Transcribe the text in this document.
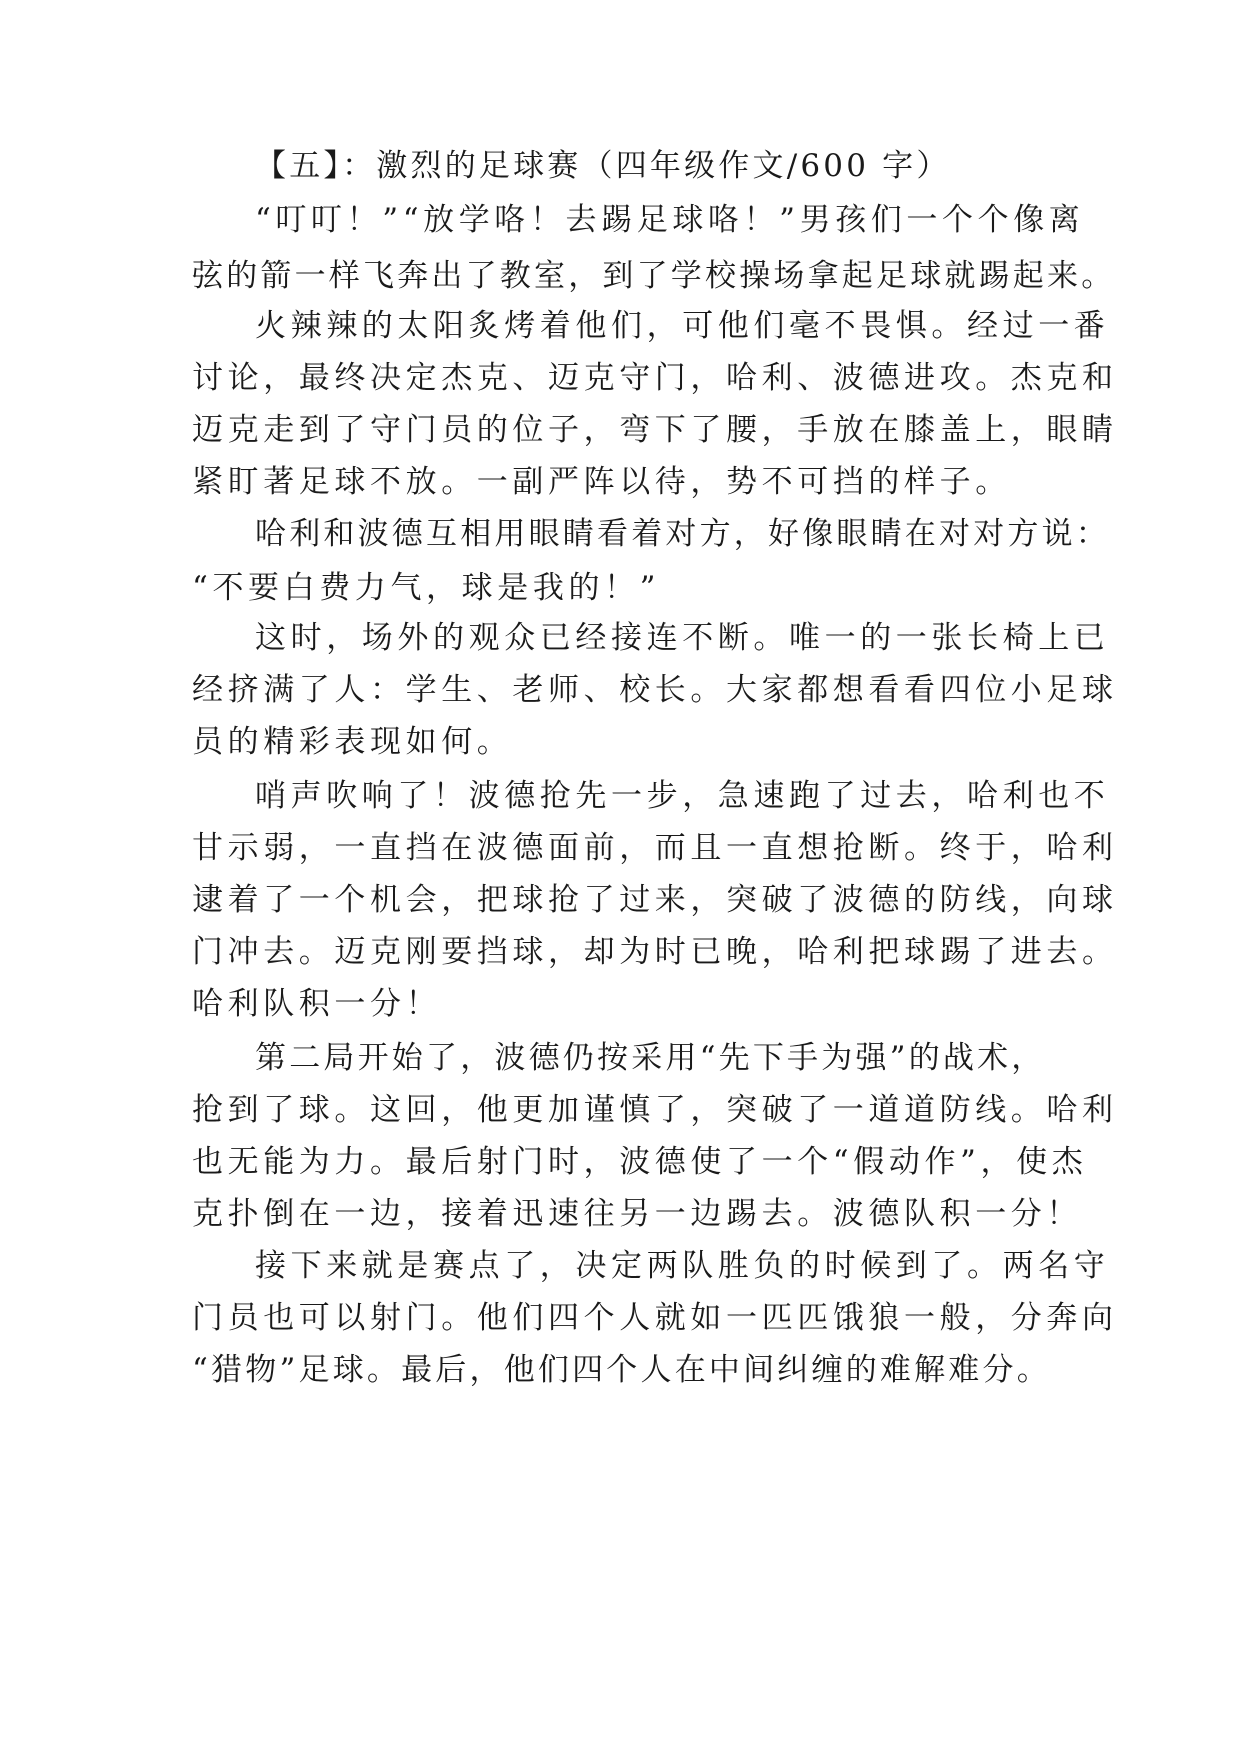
【五】：激烈的足球赛（四年级作文/600 字）
“叮叮！”“放学咯！去踢足球咯！”男孩们一个个像离
弦的箭一样飞奔出了教室，到了学校操场拿起足球就踢起来。
火辣辣的太阳炙烤着他们，可他们毫不畏惧。经过一番
讨论，最终决定杰克、迈克守门，哈利、波德进攻。杰克和
迈克走到了守门员的位子，弯下了腰，手放在膝盖上，眼睛
紧盯著足球不放。一副严阵以待，势不可挡的样子。
哈利和波德互相用眼睛看着对方，好像眼睛在对对方说：
“不要白费力气，球是我的！”
这时，场外的观众已经接连不断。唯一的一张长椅上已
经挤满了人：学生、老师、校长。大家都想看看四位小足球
员的精彩表现如何。
哨声吹响了！波德抢先一步，急速跑了过去，哈利也不
甘示弱，一直挡在波德面前，而且一直想抢断。终于，哈利
逮着了一个机会，把球抢了过来，突破了波德的防线，向球
门冲去。迈克刚要挡球，却为时已晚，哈利把球踢了进去。
哈利队积一分！
第二局开始了，波德仍按采用“先下手为强”的战术，
抢到了球。这回，他更加谨慎了，突破了一道道防线。哈利
也无能为力。最后射门时，波德使了一个“假动作”，使杰
克扑倒在一边，接着迅速往另一边踢去。波德队积一分！
接下来就是赛点了，决定两队胜负的时候到了。两名守
门员也可以射门。他们四个人就如一匹匹饿狼一般，分奔向
“猎物”足球。最后，他们四个人在中间纠缠的难解难分。
